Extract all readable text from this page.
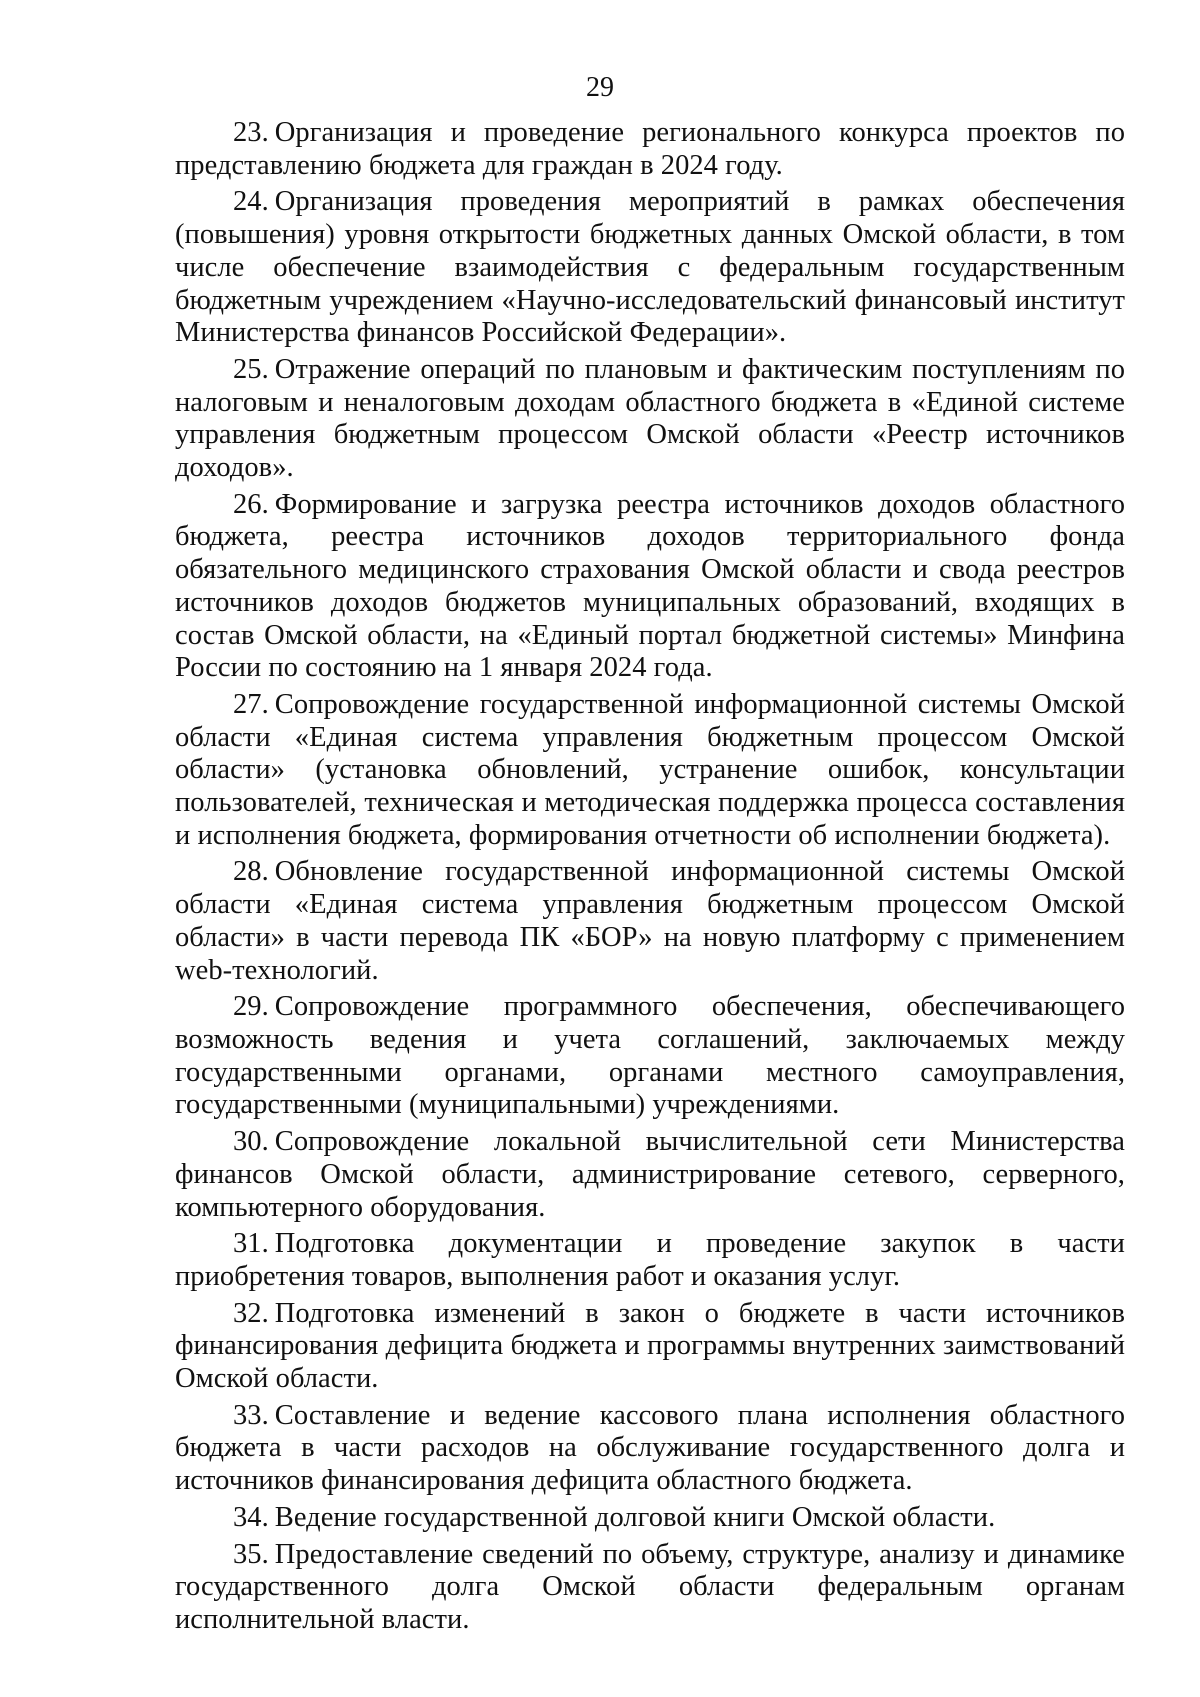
29

23. Организация и проведение регионального конкурса проектов по представлению бюджета для граждан в 2024 году.

24. Организация проведения мероприятий в рамках обеспечения (повышения) уровня открытости бюджетных данных Омской области, в том числе обеспечение взаимодействия с федеральным государственным бюджетным учреждением «Научно-исследовательский финансовый институт Министерства финансов Российской Федерации».

25. Отражение операций по плановым и фактическим поступлениям по налоговым и неналоговым доходам областного бюджета в «Единой системе управления бюджетным процессом Омской области «Реестр источников доходов».

26. Формирование и загрузка реестра источников доходов областного бюджета, реестра источников доходов территориального фонда обязательного медицинского страхования Омской области и свода реестров источников доходов бюджетов муниципальных образований, входящих в состав Омской области, на «Единый портал бюджетной системы» Минфина России по состоянию на 1 января 2024 года.

27. Сопровождение государственной информационной системы Омской области «Единая система управления бюджетным процессом Омской области» (установка обновлений, устранение ошибок, консультации пользователей, техническая и методическая поддержка процесса составления и исполнения бюджета, формирования отчетности об исполнении бюджета).

28. Обновление государственной информационной системы Омской области «Единая система управления бюджетным процессом Омской области» в части перевода ПК «БОР» на новую платформу с применением web-технологий.

29. Сопровождение программного обеспечения, обеспечивающего возможность ведения и учета соглашений, заключаемых между государственными органами, органами местного самоуправления, государственными (муниципальными) учреждениями.

30. Сопровождение локальной вычислительной сети Министерства финансов Омской области, администрирование сетевого, серверного, компьютерного оборудования.

31. Подготовка документации и проведение закупок в части приобретения товаров, выполнения работ и оказания услуг.

32. Подготовка изменений в закон о бюджете в части источников финансирования дефицита бюджета и программы внутренних заимствований Омской области.

33. Составление и ведение кассового плана исполнения областного бюджета в части расходов на обслуживание государственного долга и источников финансирования дефицита областного бюджета.

34. Ведение государственной долговой книги Омской области.

35. Предоставление сведений по объему, структуре, анализу и динамике государственного долга Омской области федеральным органам исполнительной власти.
